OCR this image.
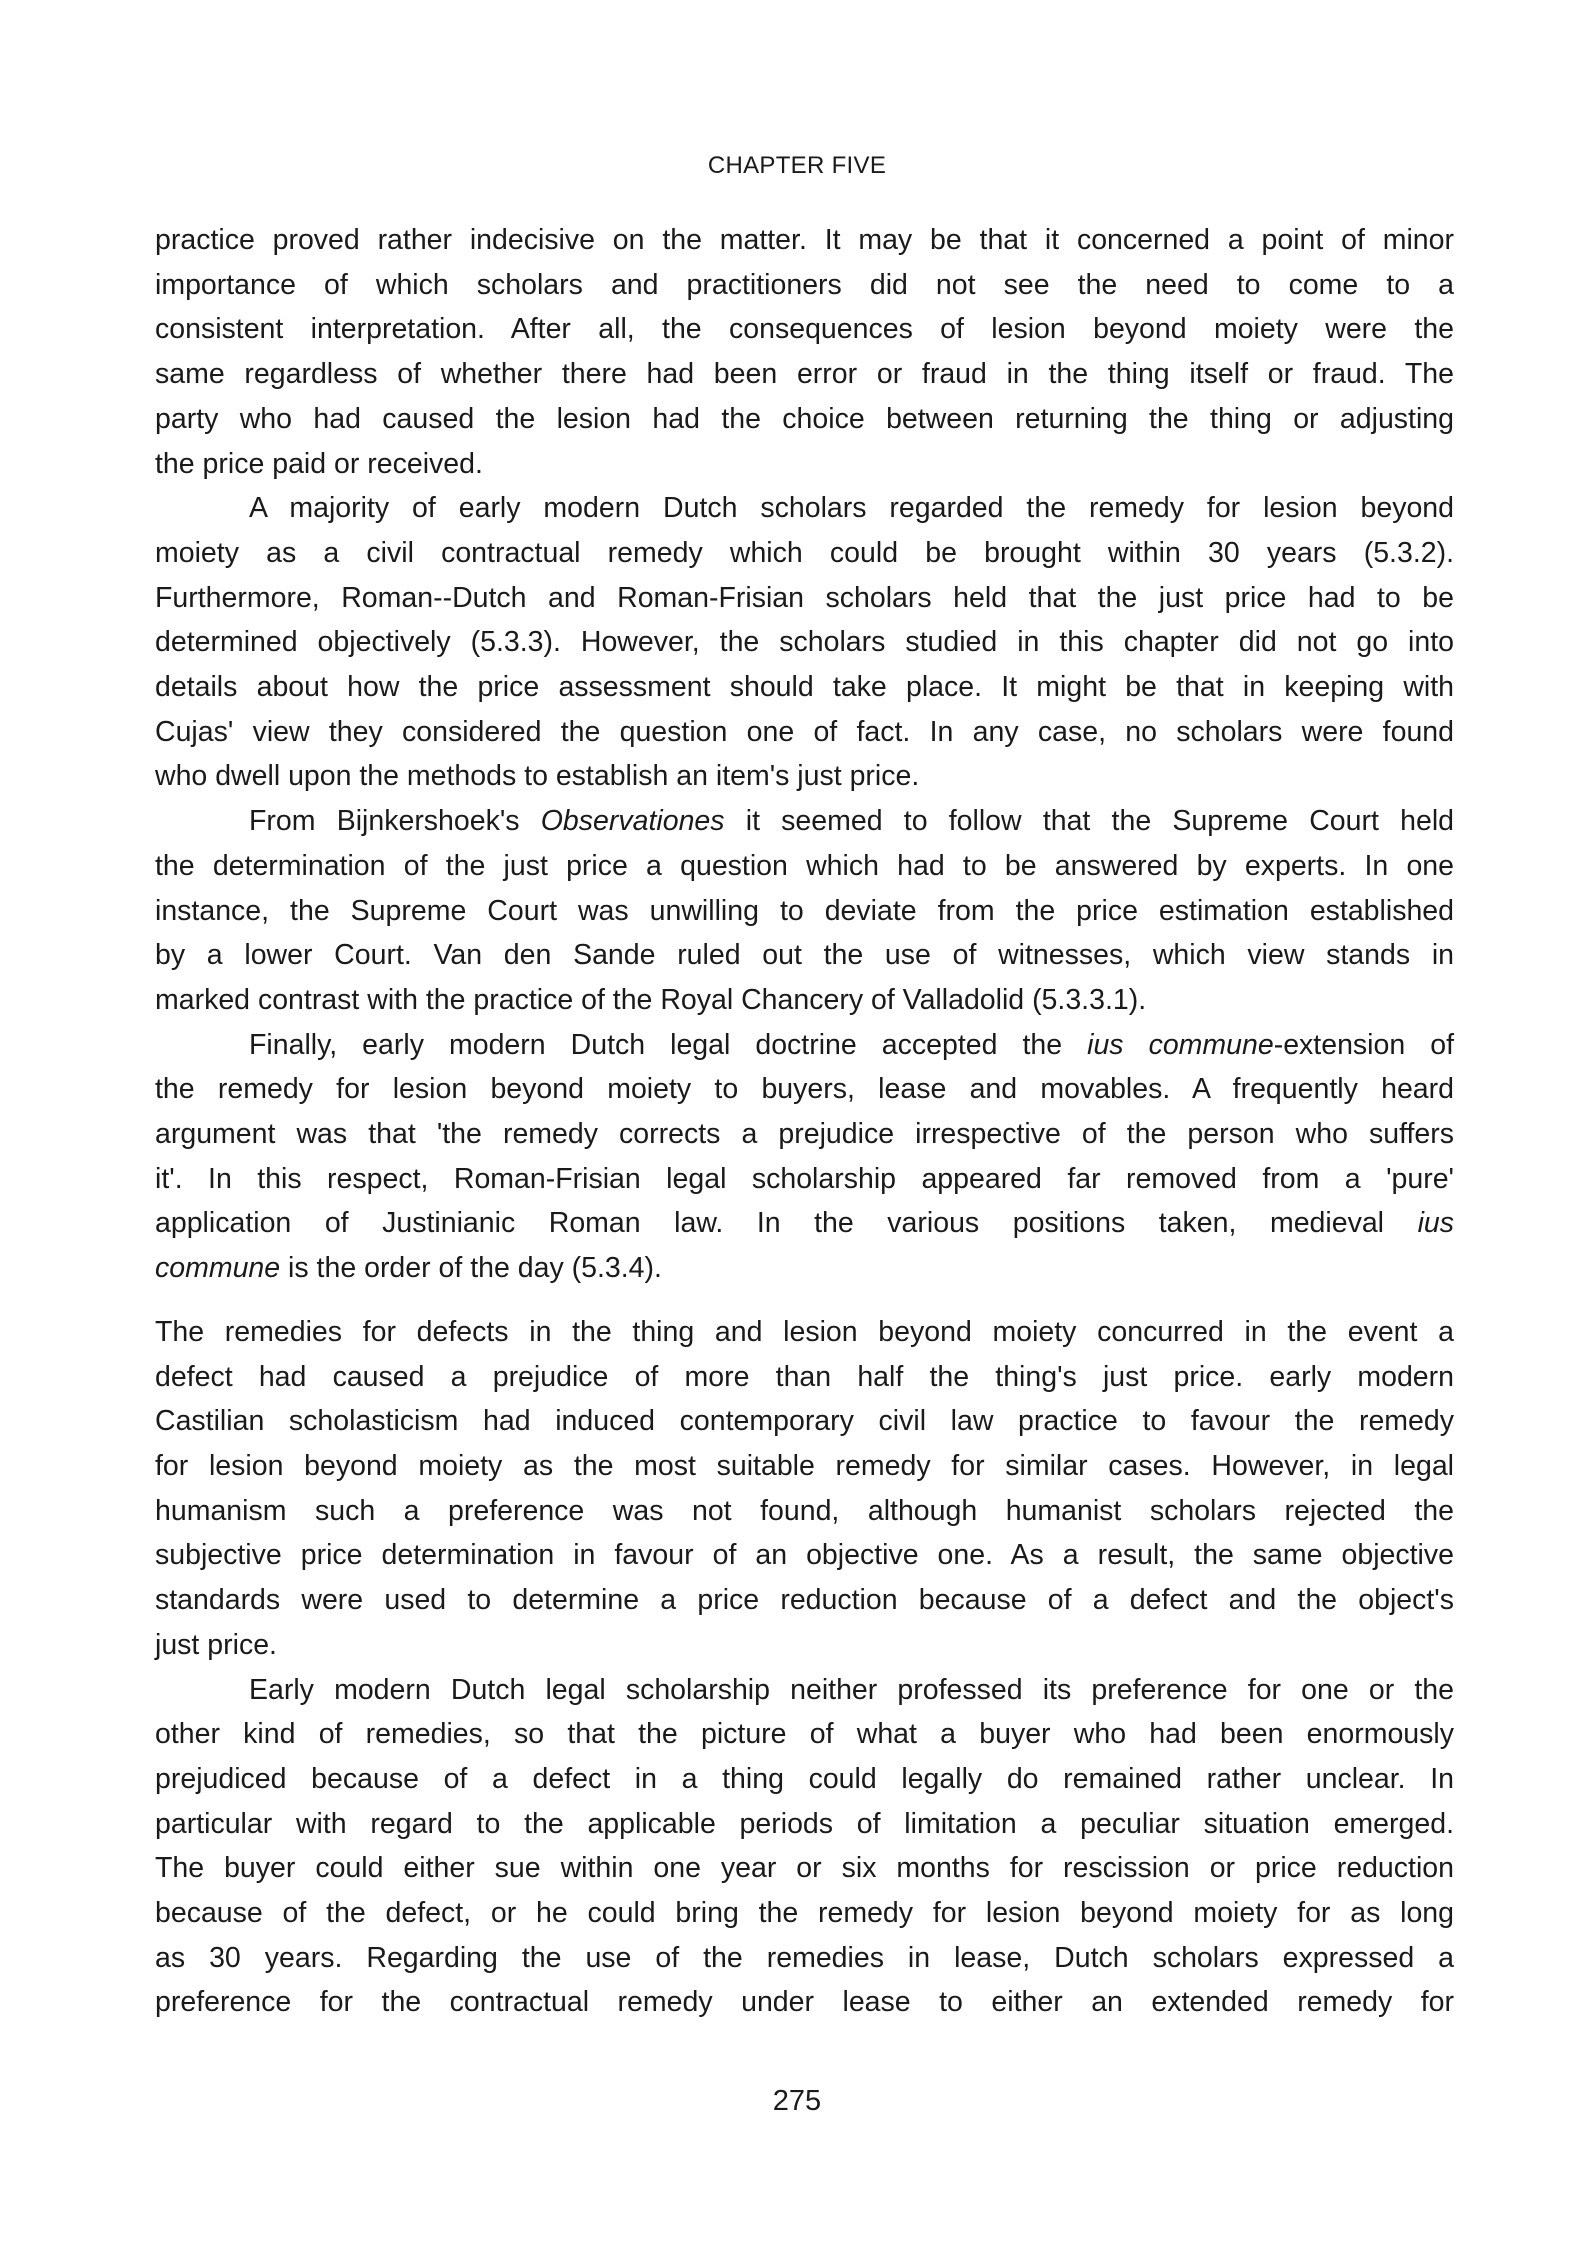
CHAPTER FIVE
practice proved rather indecisive on the matter. It may be that it concerned a point of minor
importance of which scholars and practitioners did not see the need to come to a
consistent interpretation. After all, the consequences of lesion beyond moiety were the
same regardless of whether there had been error or fraud in the thing itself or fraud. The
party who had caused the lesion had the choice between returning the thing or adjusting
the price paid or received.
A majority of early modern Dutch scholars regarded the remedy for lesion beyond
moiety as a civil contractual remedy which could be brought within 30 years (5.3.2).
Furthermore, Roman--Dutch and Roman-Frisian scholars held that the just price had to be
determined objectively (5.3.3). However, the scholars studied in this chapter did not go into
details about how the price assessment should take place. It might be that in keeping with
Cujas' view they considered the question one of fact. In any case, no scholars were found
who dwell upon the methods to establish an item's just price.
From Bijnkershoek's Observationes it seemed to follow that the Supreme Court held
the determination of the just price a question which had to be answered by experts. In one
instance, the Supreme Court was unwilling to deviate from the price estimation established
by a lower Court. Van den Sande ruled out the use of witnesses, which view stands in
marked contrast with the practice of the Royal Chancery of Valladolid (5.3.3.1).
Finally, early modern Dutch legal doctrine accepted the ius commune-extension of
the remedy for lesion beyond moiety to buyers, lease and movables. A frequently heard
argument was that 'the remedy corrects a prejudice irrespective of the person who suffers
it'. In this respect, Roman-Frisian legal scholarship appeared far removed from a 'pure'
application of Justinianic Roman law. In the various positions taken, medieval ius
commune is the order of the day (5.3.4).
The remedies for defects in the thing and lesion beyond moiety concurred in the event a
defect had caused a prejudice of more than half the thing's just price. early modern
Castilian scholasticism had induced contemporary civil law practice to favour the remedy
for lesion beyond moiety as the most suitable remedy for similar cases. However, in legal
humanism such a preference was not found, although humanist scholars rejected the
subjective price determination in favour of an objective one. As a result, the same objective
standards were used to determine a price reduction because of a defect and the object's
just price.
Early modern Dutch legal scholarship neither professed its preference for one or the
other kind of remedies, so that the picture of what a buyer who had been enormously
prejudiced because of a defect in a thing could legally do remained rather unclear. In
particular with regard to the applicable periods of limitation a peculiar situation emerged.
The buyer could either sue within one year or six months for rescission or price reduction
because of the defect, or he could bring the remedy for lesion beyond moiety for as long
as 30 years. Regarding the use of the remedies in lease, Dutch scholars expressed a
preference for the contractual remedy under lease to either an extended remedy for
275
